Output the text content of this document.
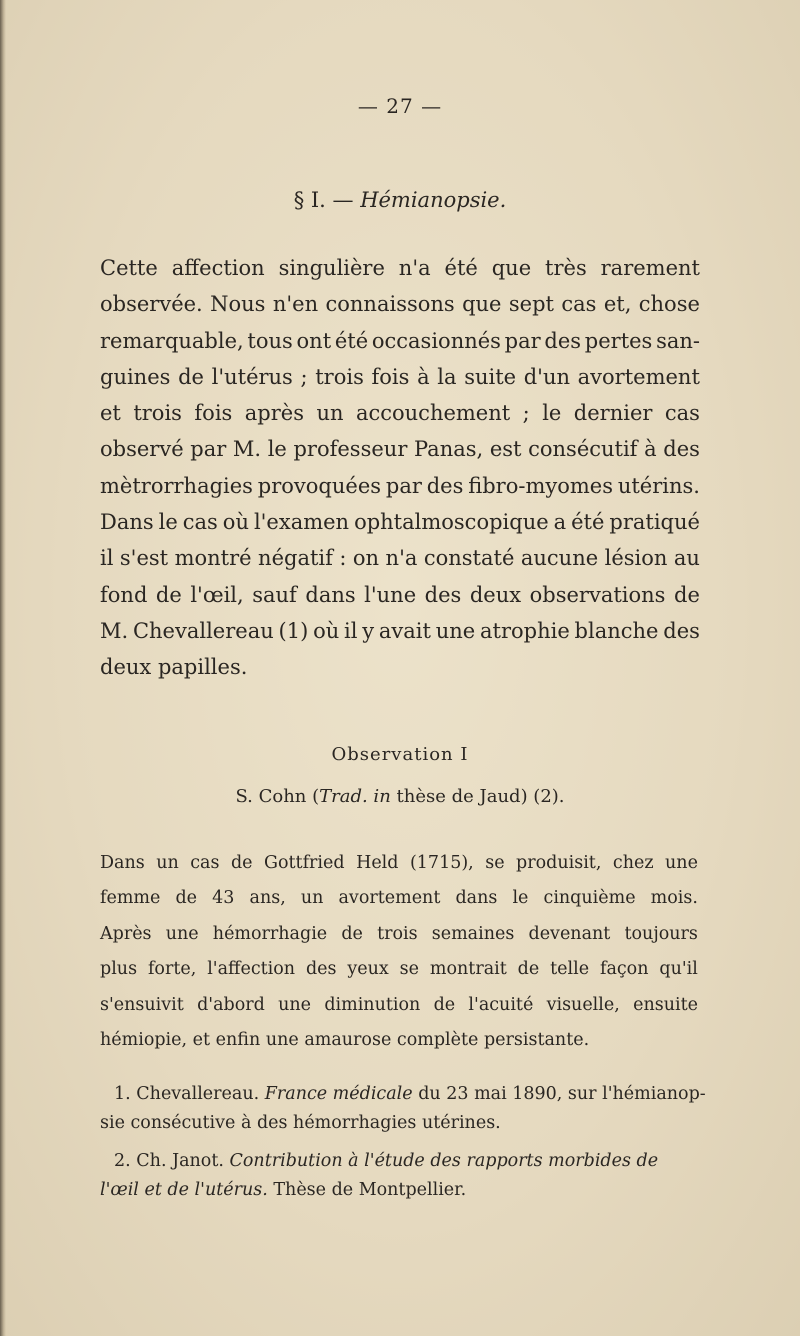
— 27 —
§ I. — Hémianopsie.
Cette affection singulière n'a été que très rarement
observée. Nous n'en connaissons que sept cas et, chose
remarquable, tous ont été occasionnés par des pertes san-
guines de l'utérus ; trois fois à la suite d'un avortement
et trois fois après un accouchement ; le dernier cas
observé par M. le professeur Panas, est consécutif à des
mètrorrhagies provoquées par des fibro-myomes utérins.
Dans le cas où l'examen ophtalmoscopique a été pratiqué
il s'est montré négatif : on n'a constaté aucune lésion au
fond de l'œil, sauf dans l'une des deux observations de
M. Chevallereau (1) où il y avait une atrophie blanche des
deux papilles.
Observation I
S. Cohn (Trad. in thèse de Jaud) (2).
Dans un cas de Gottfried Held (1715), se produisit, chez une
femme de 43 ans, un avortement dans le cinquième mois.
Après une hémorrhagie de trois semaines devenant toujours
plus forte, l'affection des yeux se montrait de telle façon qu'il
s'ensuivit d'abord une diminution de l'acuité visuelle, ensuite
hémiopie, et enfin une amaurose complète persistante.
1.
Chevallereau.
France médicale
du 23 mai 1890, sur l'hémianop-
sie consécutive à des hémorrhagies utérines.
2.
Ch. Janot.
Contribution à l'étude des rapports morbides de
l'œil et de l'utérus.
Thèse de Montpellier.
